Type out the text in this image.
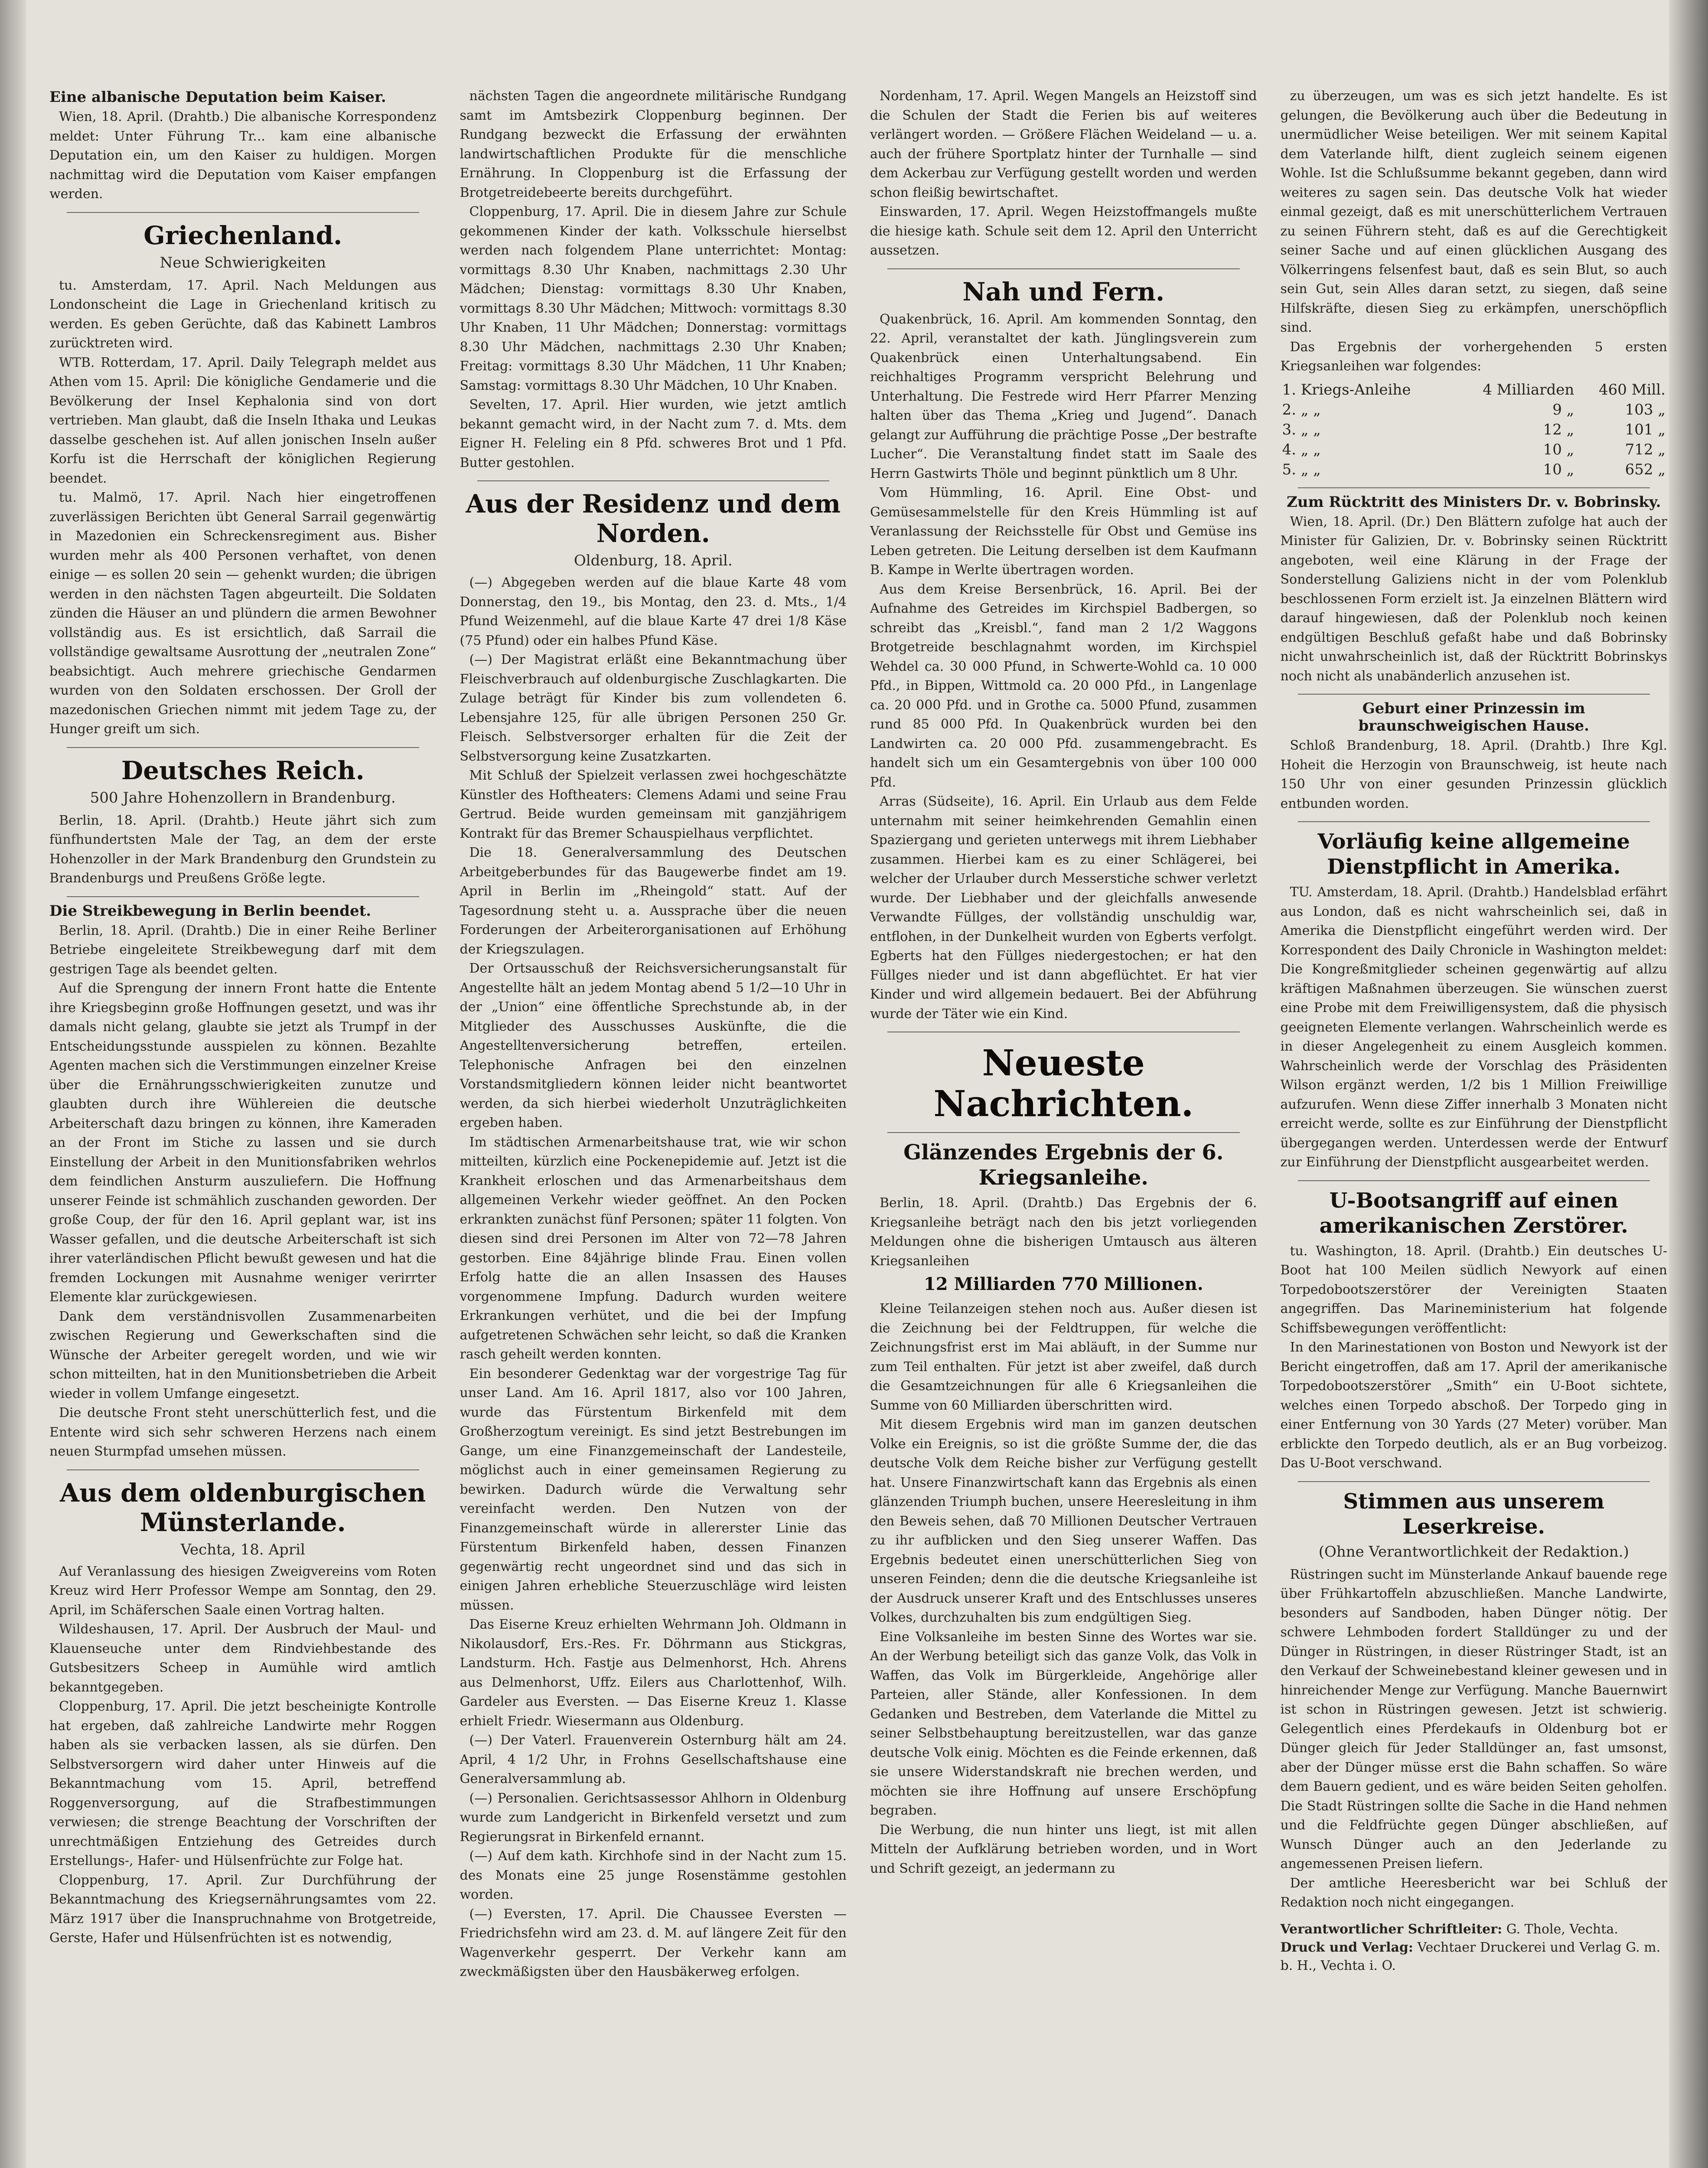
Eine albanische Deputation beim Kaiser.

Wien, 18. April. (Drahtb.) Die albanische Korrespondenz meldet: Unter Führung Tr... kam eine albanische Deputation ein, um den Kaiser zu huldigen. Morgen nachmittag wird die Deputation vom Kaiser empfangen werden.

Griechenland.
Neue Schwierigkeiten

tu. Amsterdam, 17. April. Nach Meldungen aus Londonscheint die Lage in Griechenland kritisch zu werden. Es geben Gerüchte, daß das Kabinett Lambros zurücktreten wird.

WTB. Rotterdam, 17. April. Daily Telegraph meldet aus Athen vom 15. April: Die königliche Gendamerie und die Bevölkerung der Insel Kephalonia sind von dort vertrieben. Man glaubt, daß die Inseln Ithaka und Leukas dasselbe geschehen ist. Auf allen jonischen Inseln außer Korfu ist die Herrschaft der königlichen Regierung beendet.

tu. Malmö, 17. April. Nach hier eingetroffenen zuverlässigen Berichten übt General Sarrail gegenwärtig in Mazedonien ein Schreckensregiment aus. Bisher wurden mehr als 400 Personen verhaftet, von denen einige — es sollen 20 sein — gehenkt wurden; die übrigen werden in den nächsten Tagen abgeurteilt. Die Soldaten zünden die Häuser an und plündern die armen Bewohner vollständig aus. Es ist ersichtlich, daß Sarrail die vollständige gewaltsame Ausrottung der „neutralen Zone“ beabsichtigt. Auch mehrere griechische Gendarmen wurden von den Soldaten erschossen. Der Groll der mazedonischen Griechen nimmt mit jedem Tage zu, der Hunger greift um sich.

Deutsches Reich.
500 Jahre Hohenzollern in Brandenburg.

Berlin, 18. April. (Drahtb.) Heute jährt sich zum fünfhundertsten Male der Tag, an dem der erste Hohenzoller in der Mark Brandenburg den Grundstein zu Brandenburgs und Preußens Größe legte.

Die Streikbewegung in Berlin beendet.

Berlin, 18. April. (Drahtb.) Die in einer Reihe Berliner Betriebe eingeleitete Streikbewegung darf mit dem gestrigen Tage als beendet gelten.

Auf die Sprengung der innern Front hatte die Entente ihre Kriegsbeginn große Hoffnungen gesetzt, und was ihr damals nicht gelang, glaubte sie jetzt als Trumpf in der Entscheidungsstunde ausspielen zu können. Bezahlte Agenten machen sich die Verstimmungen einzelner Kreise über die Ernährungsschwierigkeiten zunutze und glaubten durch ihre Wühlereien die deutsche Arbeiterschaft dazu bringen zu können, ihre Kameraden an der Front im Stiche zu lassen und sie durch Einstellung der Arbeit in den Munitionsfabriken wehrlos dem feindlichen Ansturm auszuliefern. Die Hoffnung unserer Feinde ist schmählich zuschanden geworden. Der große Coup, der für den 16. April geplant war, ist ins Wasser gefallen, und die deutsche Arbeiterschaft ist sich ihrer vaterländischen Pflicht bewußt gewesen und hat die fremden Lockungen mit Ausnahme weniger verirrter Elemente klar zurückgewiesen.

Dank dem verständnisvollen Zusammenarbeiten zwischen Regierung und Gewerkschaften sind die Wünsche der Arbeiter geregelt worden, und wie wir schon mitteilten, hat in den Munitionsbetrieben die Arbeit wieder in vollem Umfange eingesetzt.

Die deutsche Front steht unerschütterlich fest, und die Entente wird sich sehr schweren Herzens nach einem neuen Sturmpfad umsehen müssen.

Aus dem oldenburgischen Münsterlande.
Vechta, 18. April

Auf Veranlassung des hiesigen Zweigvereins vom Roten Kreuz wird Herr Professor Wempe am Sonntag, den 29. April, im Schäferschen Saale einen Vortrag halten.

Wildeshausen, 17. April. Der Ausbruch der Maul- und Klauenseuche unter dem Rindviehbestande des Gutsbesitzers Scheep in Aumühle wird amtlich bekanntgegeben.

Cloppenburg, 17. April. Die jetzt bescheinigte Kontrolle hat ergeben, daß zahlreiche Landwirte mehr Roggen haben als sie verbacken lassen, als sie dürfen. Den Selbstversorgern wird daher unter Hinweis auf die Bekanntmachung vom 15. April, betreffend Roggenversorgung, auf die Strafbestimmungen verwiesen; die strenge Beachtung der Vorschriften der unrechtmäßigen Entziehung des Getreides durch Erstellungs-, Hafer- und Hülsenfrüchte zur Folge hat.

Cloppenburg, 17. April. Zur Durchführung der Bekanntmachung des Kriegsernährungsamtes vom 22. März 1917 über die Inanspruchnahme von Brotgetreide, Gerste, Hafer und Hülsenfrüchten ist es notwendig,

nächsten Tagen die angeordnete militärische Rundgang samt im Amtsbezirk Cloppenburg beginnen. Der Rundgang bezweckt die Erfassung der erwähnten landwirtschaftlichen Produkte für die menschliche Ernährung. In Cloppenburg ist die Erfassung der Brotgetreidebeerte bereits durchgeführt.

Cloppenburg, 17. April. Die in diesem Jahre zur Schule gekommenen Kinder der kath. Volksschule hierselbst werden nach folgendem Plane unterrichtet: Montag: vormittags 8.30 Uhr Knaben, nachmittags 2.30 Uhr Mädchen; Dienstag: vormittags 8.30 Uhr Knaben, vormittags 8.30 Uhr Mädchen; Mittwoch: vormittags 8.30 Uhr Knaben, 11 Uhr Mädchen; Donnerstag: vormittags 8.30 Uhr Mädchen, nachmittags 2.30 Uhr Knaben; Freitag: vormittags 8.30 Uhr Mädchen, 11 Uhr Knaben; Samstag: vormittags 8.30 Uhr Mädchen, 10 Uhr Knaben.

Sevelten, 17. April. Hier wurden, wie jetzt amtlich bekannt gemacht wird, in der Nacht zum 7. d. Mts. dem Eigner H. Feleling ein 8 Pfd. schweres Brot und 1 Pfd. Butter gestohlen.

Aus der Residenz und dem Norden.
Oldenburg, 18. April.

(—) Abgegeben werden auf die blaue Karte 48 vom Donnerstag, den 19., bis Montag, den 23. d. Mts., 1/4 Pfund Weizenmehl, auf die blaue Karte 47 drei 1/8 Käse (75 Pfund) oder ein halbes Pfund Käse.

(—) Der Magistrat erläßt eine Bekanntmachung über Fleischverbrauch auf oldenburgische Zuschlagkarten. Die Zulage beträgt für Kinder bis zum vollendeten 6. Lebensjahre 125, für alle übrigen Personen 250 Gr. Fleisch. Selbstversorger erhalten für die Zeit der Selbstversorgung keine Zusatzkarten.

Mit Schluß der Spielzeit verlassen zwei hochgeschätzte Künstler des Hoftheaters: Clemens Adami und seine Frau Gertrud. Beide wurden gemeinsam mit ganzjährigem Kontrakt für das Bremer Schauspielhaus verpflichtet.

Die 18. Generalversammlung des Deutschen Arbeitgeberbundes für das Baugewerbe findet am 19. April in Berlin im „Rheingold“ statt. Auf der Tagesordnung steht u. a. Aussprache über die neuen Forderungen der Arbeiterorganisationen auf Erhöhung der Kriegszulagen.

Der Ortsausschuß der Reichsversicherungsanstalt für Angestellte hält an jedem Montag abend 5 1/2—10 Uhr in der „Union“ eine öffentliche Sprechstunde ab, in der Mitglieder des Ausschusses Auskünfte, die die Angestelltenversicherung betreffen, erteilen. Telephonische Anfragen bei den einzelnen Vorstandsmitgliedern können leider nicht beantwortet werden, da sich hierbei wiederholt Unzuträglichkeiten ergeben haben.

Im städtischen Armenarbeitshause trat, wie wir schon mitteilten, kürzlich eine Pockenepidemie auf. Jetzt ist die Krankheit erloschen und das Armenarbeitshaus dem allgemeinen Verkehr wieder geöffnet. An den Pocken erkrankten zunächst fünf Personen; später 11 folgten. Von diesen sind drei Personen im Alter von 72—78 Jahren gestorben. Eine 84jährige blinde Frau. Einen vollen Erfolg hatte die an allen Insassen des Hauses vorgenommene Impfung. Dadurch wurden weitere Erkrankungen verhütet, und die bei der Impfung aufgetretenen Schwächen sehr leicht, so daß die Kranken rasch geheilt werden konnten.

Ein besonderer Gedenktag war der vorgestrige Tag für unser Land. Am 16. April 1817, also vor 100 Jahren, wurde das Fürstentum Birkenfeld mit dem Großherzogtum vereinigt. Es sind jetzt Bestrebungen im Gange, um eine Finanzgemeinschaft der Landesteile, möglichst auch in einer gemeinsamen Regierung zu bewirken. Dadurch würde die Verwaltung sehr vereinfacht werden. Den Nutzen von der Finanzgemeinschaft würde in allererster Linie das Fürstentum Birkenfeld haben, dessen Finanzen gegenwärtig recht ungeordnet sind und das sich in einigen Jahren erhebliche Steuerzuschläge wird leisten müssen.

Das Eiserne Kreuz erhielten Wehrmann Joh. Oldmann in Nikolausdorf, Ers.-Res. Fr. Döhrmann aus Stickgras, Landsturm. Hch. Fastje aus Delmenhorst, Hch. Ahrens aus Delmenhorst, Uffz. Eilers aus Charlottenhof, Wilh. Gardeler aus Eversten. — Das Eiserne Kreuz 1. Klasse erhielt Friedr. Wiesermann aus Oldenburg.

(—) Der Vaterl. Frauenverein Osternburg hält am 24. April, 4 1/2 Uhr, in Frohns Gesellschaftshause eine Generalversammlung ab.

(—) Personalien. Gerichtsassessor Ahlhorn in Oldenburg wurde zum Landgericht in Birkenfeld versetzt und zum Regierungsrat in Birkenfeld ernannt.

(—) Auf dem kath. Kirchhofe sind in der Nacht zum 15. des Monats eine 25 junge Rosenstämme gestohlen worden.

(—) Eversten, 17. April. Die Chaussee Eversten — Friedrichsfehn wird am 23. d. M. auf längere Zeit für den Wagenverkehr gesperrt. Der Verkehr kann am zweckmäßigsten über den Hausbäkerweg erfolgen.

Nordenham, 17. April. Wegen Mangels an Heizstoff sind die Schulen der Stadt die Ferien bis auf weiteres verlängert worden. — Größere Flächen Weideland — u. a. auch der frühere Sportplatz hinter der Turnhalle — sind dem Ackerbau zur Verfügung gestellt worden und werden schon fleißig bewirtschaftet.

Einswarden, 17. April. Wegen Heizstoffmangels mußte die hiesige kath. Schule seit dem 12. April den Unterricht aussetzen.

Nah und Fern.

Quakenbrück, 16. April. Am kommenden Sonntag, den 22. April, veranstaltet der kath. Jünglingsverein zum Quakenbrück einen Unterhaltungsabend. Ein reichhaltiges Programm verspricht Belehrung und Unterhaltung. Die Festrede wird Herr Pfarrer Menzing halten über das Thema „Krieg und Jugend“. Danach gelangt zur Aufführung die prächtige Posse „Der bestrafte Lucher“. Die Veranstaltung findet statt im Saale des Herrn Gastwirts Thöle und beginnt pünktlich um 8 Uhr.

Vom Hümmling, 16. April. Eine Obst- und Gemüsesammelstelle für den Kreis Hümmling ist auf Veranlassung der Reichsstelle für Obst und Gemüse ins Leben getreten. Die Leitung derselben ist dem Kaufmann B. Kampe in Werlte übertragen worden.

Aus dem Kreise Bersenbrück, 16. April. Bei der Aufnahme des Getreides im Kirchspiel Badbergen, so schreibt das „Kreisbl.“, fand man 2 1/2 Waggons Brotgetreide beschlagnahmt worden, im Kirchspiel Wehdel ca. 30 000 Pfund, in Schwerte-Wohld ca. 10 000 Pfd., in Bippen, Wittmold ca. 20 000 Pfd., in Langenlage ca. 20 000 Pfd. und in Grothe ca. 5000 Pfund, zusammen rund 85 000 Pfd. In Quakenbrück wurden bei den Landwirten ca. 20 000 Pfd. zusammengebracht. Es handelt sich um ein Gesamtergebnis von über 100 000 Pfd.

Arras (Südseite), 16. April. Ein Urlaub aus dem Felde unternahm mit seiner heimkehrenden Gemahlin einen Spaziergang und gerieten unterwegs mit ihrem Liebhaber zusammen. Hierbei kam es zu einer Schlägerei, bei welcher der Urlauber durch Messerstiche schwer verletzt wurde. Der Liebhaber und der gleichfalls anwesende Verwandte Füllges, der vollständig unschuldig war, entflohen, in der Dunkelheit wurden von Egberts verfolgt. Egberts hat den Füllges niedergestochen; er hat den Füllges nieder und ist dann abgeflüchtet. Er hat vier Kinder und wird allgemein bedauert. Bei der Abführung wurde der Täter wie ein Kind.

Neueste Nachrichten.
Glänzendes Ergebnis der 6. Kriegsanleihe.

Berlin, 18. April. (Drahtb.) Das Ergebnis der 6. Kriegsanleihe beträgt nach den bis jetzt vorliegenden Meldungen ohne die bisherigen Umtausch aus älteren Kriegsanleihen

12 Milliarden 770 Millionen.

Kleine Teilanzeigen stehen noch aus. Außer diesen ist die Zeichnung bei der Feldtruppen, für welche die Zeichnungsfrist erst im Mai abläuft, in der Summe nur zum Teil enthalten. Für jetzt ist aber zweifel, daß durch die Gesamtzeichnungen für alle 6 Kriegsanleihen die Summe von 60 Milliarden überschritten wird.

Mit diesem Ergebnis wird man im ganzen deutschen Volke ein Ereignis, so ist die größte Summe der, die das deutsche Volk dem Reiche bisher zur Verfügung gestellt hat. Unsere Finanzwirtschaft kann das Ergebnis als einen glänzenden Triumph buchen, unsere Heeresleitung in ihm den Beweis sehen, daß 70 Millionen Deutscher Vertrauen zu ihr aufblicken und den Sieg unserer Waffen. Das Ergebnis bedeutet einen unerschütterlichen Sieg von unseren Feinden; denn die die deutsche Kriegsanleihe ist der Ausdruck unserer Kraft und des Entschlusses unseres Volkes, durchzuhalten bis zum endgültigen Sieg.

Eine Volksanleihe im besten Sinne des Wortes war sie. An der Werbung beteiligt sich das ganze Volk, das Volk in Waffen, das Volk im Bürgerkleide, Angehörige aller Parteien, aller Stände, aller Konfessionen. In dem Gedanken und Bestreben, dem Vaterlande die Mittel zu seiner Selbstbehauptung bereitzustellen, war das ganze deutsche Volk einig. Möchten es die Feinde erkennen, daß sie unsere Widerstandskraft nie brechen werden, und möchten sie ihre Hoffnung auf unsere Erschöpfung begraben.

Die Werbung, die nun hinter uns liegt, ist mit allen Mitteln der Aufklärung betrieben worden, und in Wort und Schrift gezeigt, an jedermann zu

zu überzeugen, um was es sich jetzt handelte. Es ist gelungen, die Bevölkerung auch über die Bedeutung in unermüdlicher Weise beteiligen. Wer mit seinem Kapital dem Vaterlande hilft, dient zugleich seinem eigenen Wohle. Ist die Schlußsumme bekannt gegeben, dann wird weiteres zu sagen sein. Das deutsche Volk hat wieder einmal gezeigt, daß es mit unerschütterlichem Vertrauen zu seinen Führern steht, daß es auf die Gerechtigkeit seiner Sache und auf einen glücklichen Ausgang des Völkerringens felsenfest baut, daß es sein Blut, so auch sein Gut, sein Alles daran setzt, zu siegen, daß seine Hilfskräfte, diesen Sieg zu erkämpfen, unerschöpflich sind.

Das Ergebnis der vorhergehenden 5 ersten Kriegsanleihen war folgendes:

1. Kriegs-Anleihe	4 Milliarden	460 Mill.
2. „ „	9 „	103 „
3. „ „	12 „	101 „
4. „ „	10 „	712 „
5. „ „	10 „	652 „
Zum Rücktritt des Ministers Dr. v. Bobrinsky.

Wien, 18. April. (Dr.) Den Blättern zufolge hat auch der Minister für Galizien, Dr. v. Bobrinsky seinen Rücktritt angeboten, weil eine Klärung in der Frage der Sonderstellung Galiziens nicht in der vom Polenklub beschlossenen Form erzielt ist. Ja einzelnen Blättern wird darauf hingewiesen, daß der Polenklub noch keinen endgültigen Beschluß gefaßt habe und daß Bobrinsky nicht unwahrscheinlich ist, daß der Rücktritt Bobrinskys noch nicht als unabänderlich anzusehen ist.

Geburt einer Prinzessin im braunschweigischen Hause.

Schloß Brandenburg, 18. April. (Drahtb.) Ihre Kgl. Hoheit die Herzogin von Braunschweig, ist heute nach 150 Uhr von einer gesunden Prinzessin glücklich entbunden worden.

Vorläufig keine allgemeine Dienstpflicht in Amerika.

TU. Amsterdam, 18. April. (Drahtb.) Handelsblad erfährt aus London, daß es nicht wahrscheinlich sei, daß in Amerika die Dienstpflicht eingeführt werden wird. Der Korrespondent des Daily Chronicle in Washington meldet: Die Kongreßmitglieder scheinen gegenwärtig auf allzu kräftigen Maßnahmen überzeugen. Sie wünschen zuerst eine Probe mit dem Freiwilligensystem, daß die physisch geeigneten Elemente verlangen. Wahrscheinlich werde es in dieser Angelegenheit zu einem Ausgleich kommen. Wahrscheinlich werde der Vorschlag des Präsidenten Wilson ergänzt werden, 1/2 bis 1 Million Freiwillige aufzurufen. Wenn diese Ziffer innerhalb 3 Monaten nicht erreicht werde, sollte es zur Einführung der Dienstpflicht übergegangen werden. Unterdessen werde der Entwurf zur Einführung der Dienstpflicht ausgearbeitet werden.

U-Bootsangriff auf einen amerikanischen Zerstörer.

tu. Washington, 18. April. (Drahtb.) Ein deutsches U-Boot hat 100 Meilen südlich Newyork auf einen Torpedobootszerstörer der Vereinigten Staaten angegriffen. Das Marineministerium hat folgende Schiffsbewegungen veröffentlicht:

In den Marinestationen von Boston und Newyork ist der Bericht eingetroffen, daß am 17. April der amerikanische Torpedobootszerstörer „Smith“ ein U-Boot sichtete, welches einen Torpedo abschoß. Der Torpedo ging in einer Entfernung von 30 Yards (27 Meter) vorüber. Man erblickte den Torpedo deutlich, als er an Bug vorbeizog. Das U-Boot verschwand.

Stimmen aus unserem Leserkreise.
(Ohne Verantwortlichkeit der Redaktion.)

Rüstringen sucht im Münsterlande Ankauf bauende rege über Frühkartoffeln abzuschließen. Manche Landwirte, besonders auf Sandboden, haben Dünger nötig. Der schwere Lehmboden fordert Stalldünger zu und der Dünger in Rüstringen, in dieser Rüstringer Stadt, ist an den Verkauf der Schweinebestand kleiner gewesen und in hinreichender Menge zur Verfügung. Manche Bauernwirt ist schon in Rüstringen gewesen. Jetzt ist schwierig. Gelegentlich eines Pferdekaufs in Oldenburg bot er Dünger gleich für Jeder Stalldünger an, fast umsonst, aber der Dünger müsse erst die Bahn schaffen. So wäre dem Bauern gedient, und es wäre beiden Seiten geholfen. Die Stadt Rüstringen sollte die Sache in die Hand nehmen und die Feldfrüchte gegen Dünger abschließen, auf Wunsch Dünger auch an den Jederlande zu angemessenen Preisen liefern.

Der amtliche Heeresbericht war bei Schluß der Redaktion noch nicht eingegangen.

Verantwortlicher Schriftleiter: G. Thole, Vechta.
Druck und Verlag: Vechtaer Druckerei und Verlag G. m. b. H., Vechta i. O.
